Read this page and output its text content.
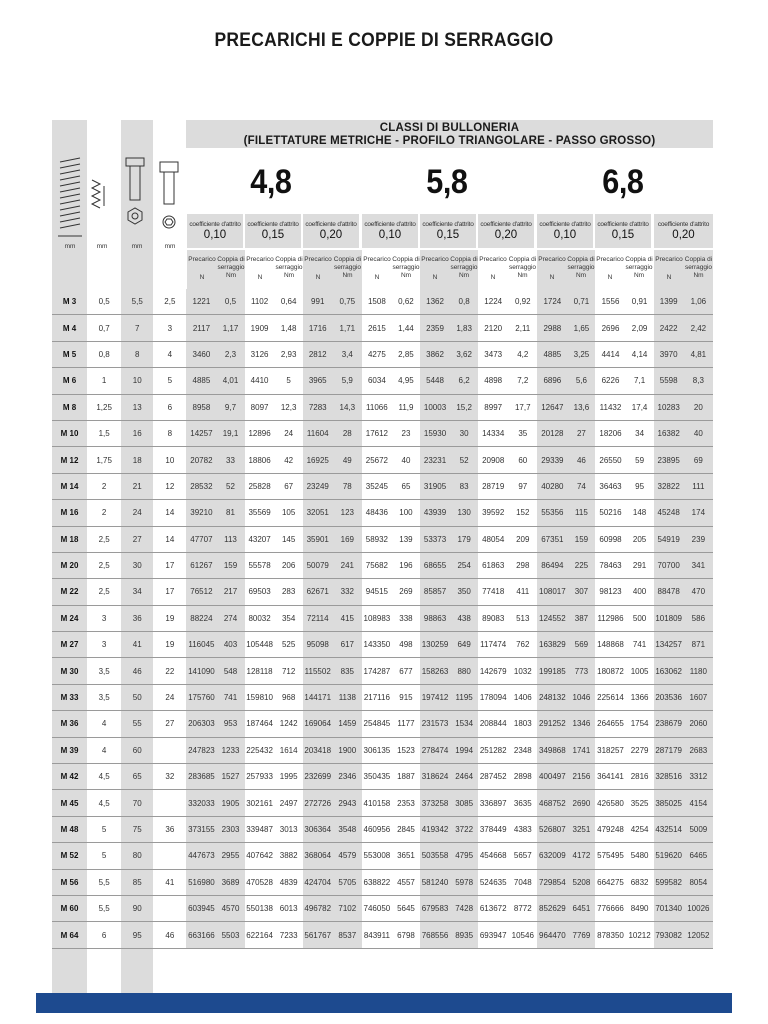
PRECARICHI E COPPIE DI SERRAGGIO
CLASSI DI BULLONERIA
(FILETTATURE METRICHE - PROFILO TRIANGOLARE - PASSO GROSSO)
mm	mm	mm	mm
4,8	5,8	6,8
coefficiente d'attrito
0,10
coefficiente d'attrito
0,15
coefficiente d'attrito
0,20
coefficiente d'attrito
0,10
coefficiente d'attrito
0,15
coefficiente d'attrito
0,20
coefficiente d'attrito
0,10
coefficiente d'attrito
0,15
coefficiente d'attrito
0,20
Precarico
N
Coppia di
serraggio
Nm
Precarico
N
Coppia di
serraggio
Nm
Precarico
N
Coppia di
serraggio
Nm
Precarico
N
Coppia di
serraggio
Nm
Precarico
N
Coppia di
serraggio
Nm
Precarico
N
Coppia di
serraggio
Nm
Precarico
N
Coppia di
serraggio
Nm
Precarico
N
Coppia di
serraggio
Nm
Precarico
N
Coppia di
serraggio
Nm
M 3	0,5	5,5	2,5	1221	0,5	1102	0,64	991	0,75	1508	0,62	1362	0,8	1224	0,92	1724	0,71	1556	0,91	1399	1,06
M 4	0,7	7	3	2117	1,17	1909	1,48	1716	1,71	2615	1,44	2359	1,83	2120	2,11	2988	1,65	2696	2,09	2422	2,42
M 5	0,8	8	4	3460	2,3	3126	2,93	2812	3,4	4275	2,85	3862	3,62	3473	4,2	4885	3,25	4414	4,14	3970	4,81
M 6	1	10	5	4885	4,01	4410	5	3965	5,9	6034	4,95	5448	6,2	4898	7,2	6896	5,6	6226	7,1	5598	8,3
M 8	1,25	13	6	8958	9,7	8097	12,3	7283	14,3	11066	11,9	10003	15,2	8997	17,7	12647	13,6	11432	17,4	10283	20
M 10	1,5	16	8	14257	19,1	12896	24	11604	28	17612	23	15930	30	14334	35	20128	27	18206	34	16382	40
M 12	1,75	18	10	20782	33	18806	42	16925	49	25672	40	23231	52	20908	60	29339	46	26550	59	23895	69
M 14	2	21	12	28532	52	25828	67	23249	78	35245	65	31905	83	28719	97	40280	74	36463	95	32822	111
M 16	2	24	14	39210	81	35569	105	32051	123	48436	100	43939	130	39592	152	55356	115	50216	148	45248	174
M 18	2,5	27	14	47707	113	43207	145	35901	169	58932	139	53373	179	48054	209	67351	159	60998	205	54919	239
M 20	2,5	30	17	61267	159	55578	206	50079	241	75682	196	68655	254	61863	298	86494	225	78463	291	70700	341
M 22	2,5	34	17	76512	217	69503	283	62671	332	94515	269	85857	350	77418	411	108017	307	98123	400	88478	470
M 24	3	36	19	88224	274	80032	354	72114	415	108983	338	98863	438	89083	513	124552	387	112986	500	101809	586
M 27	3	41	19	116045	403	105448	525	95098	617	143350	498	130259	649	117474	762	163829	569	148868	741	134257	871
M 30	3,5	46	22	141090	548	128118	712	115502	835	174287	677	158263	880	142679	1032	199185	773	180872	1005	163062	1180
M 33	3,5	50	24	175760	741	159810	968	144171	1138	217116	915	197412	1195	178094	1406	248132	1046	225614	1366	203536	1607
M 36	4	55	27	206303	953	187464	1242	169064	1459	254845	1177	231573	1534	208844	1803	291252	1346	264655	1754	238679	2060
M 39	4	60		247823	1233	225432	1614	203418	1900	306135	1523	278474	1994	251282	2348	349868	1741	318257	2279	287179	2683
M 42	4,5	65	32	283685	1527	257933	1995	232699	2346	350435	1887	318624	2464	287452	2898	400497	2156	364141	2816	328516	3312
M 45	4,5	70		332033	1905	302161	2497	272726	2943	410158	2353	373258	3085	336897	3635	468752	2690	426580	3525	385025	4154
M 48	5	75	36	373155	2303	339487	3013	306364	3548	460956	2845	419342	3722	378449	4383	526807	3251	479248	4254	432514	5009
M 52	5	80		447673	2955	407642	3882	368064	4579	553008	3651	503558	4795	454668	5657	632009	4172	575495	5480	519620	6465
M 56	5,5	85	41	516980	3689	470528	4839	424704	5705	638822	4557	581240	5978	524635	7048	729854	5208	664275	6832	599582	8054
M 60	5,5	90		603945	4570	550138	6013	496782	7102	746050	5645	679583	7428	613672	8772	852629	6451	776666	8490	701340	10026
M 64	6	95	46	663166	5503	622164	7233	561767	8537	843911	6798	768556	8935	693947	10546	964470	7769	878350	10212	793082	12052
